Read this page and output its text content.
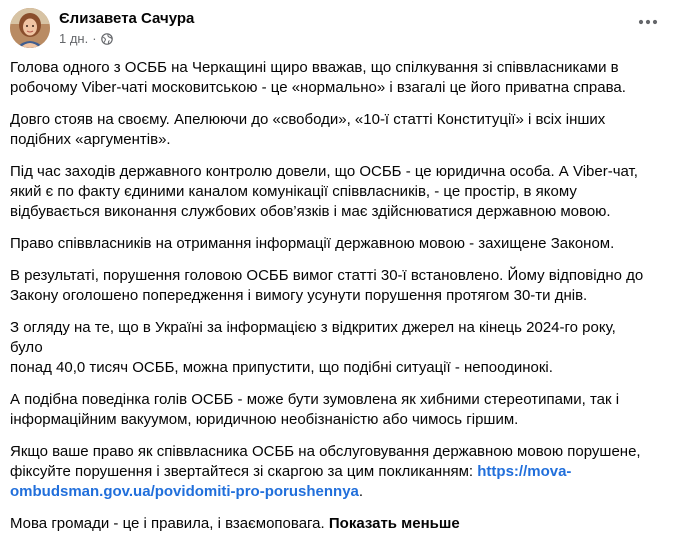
Єлизавета Сачура
1 дн. ·

Голова одного з ОСББ на Черкащині щиро вважав, що спілкування зі співвласниками в
робочому Viber-чаті московитською - це «нормально» і взагалі це його приватна справа.

Довго стояв на своєму. Апелюючи до «свободи», «10-ї статті Конституції» і всіх інших
подібних «аргументів».

Під час заходів державного контролю довели, що ОСББ - це юридична особа. А Viber-чат,
який є по факту єдиними каналом комунікації співвласників, - це простір, в якому
відбувається виконання службових обов’язків і має здійснюватися державною мовою.

Право співвласників на отримання інформації державною мовою - захищене Законом.

В результаті, порушення головою ОСББ вимог статті 30-ї встановлено. Йому відповідно до
Закону оголошено попередження і вимогу усунути порушення протягом 30-ти днів.

З огляду на те, що в Україні за інформацією з відкритих джерел на кінець 2024-го року, було
понад 40,0 тисяч ОСББ, можна припустити, що подібні ситуації - непоодинокі.

А подібна поведінка голів ОСББ - може бути зумовлена як хибними стереотипами, так і
інформаційним вакуумом, юридичною необізнаністю або чимось гіршим.

Якщо ваше право як співвласника ОСББ на обслуговування державною мовою порушене,
фіксуйте порушення і звертайтеся зі скаргою за цим покликанням: https://mova-
ombudsman.gov.ua/povidomiti-pro-porushennya.

Мова громади - це і правила, і взаємоповага. Показать меньше
